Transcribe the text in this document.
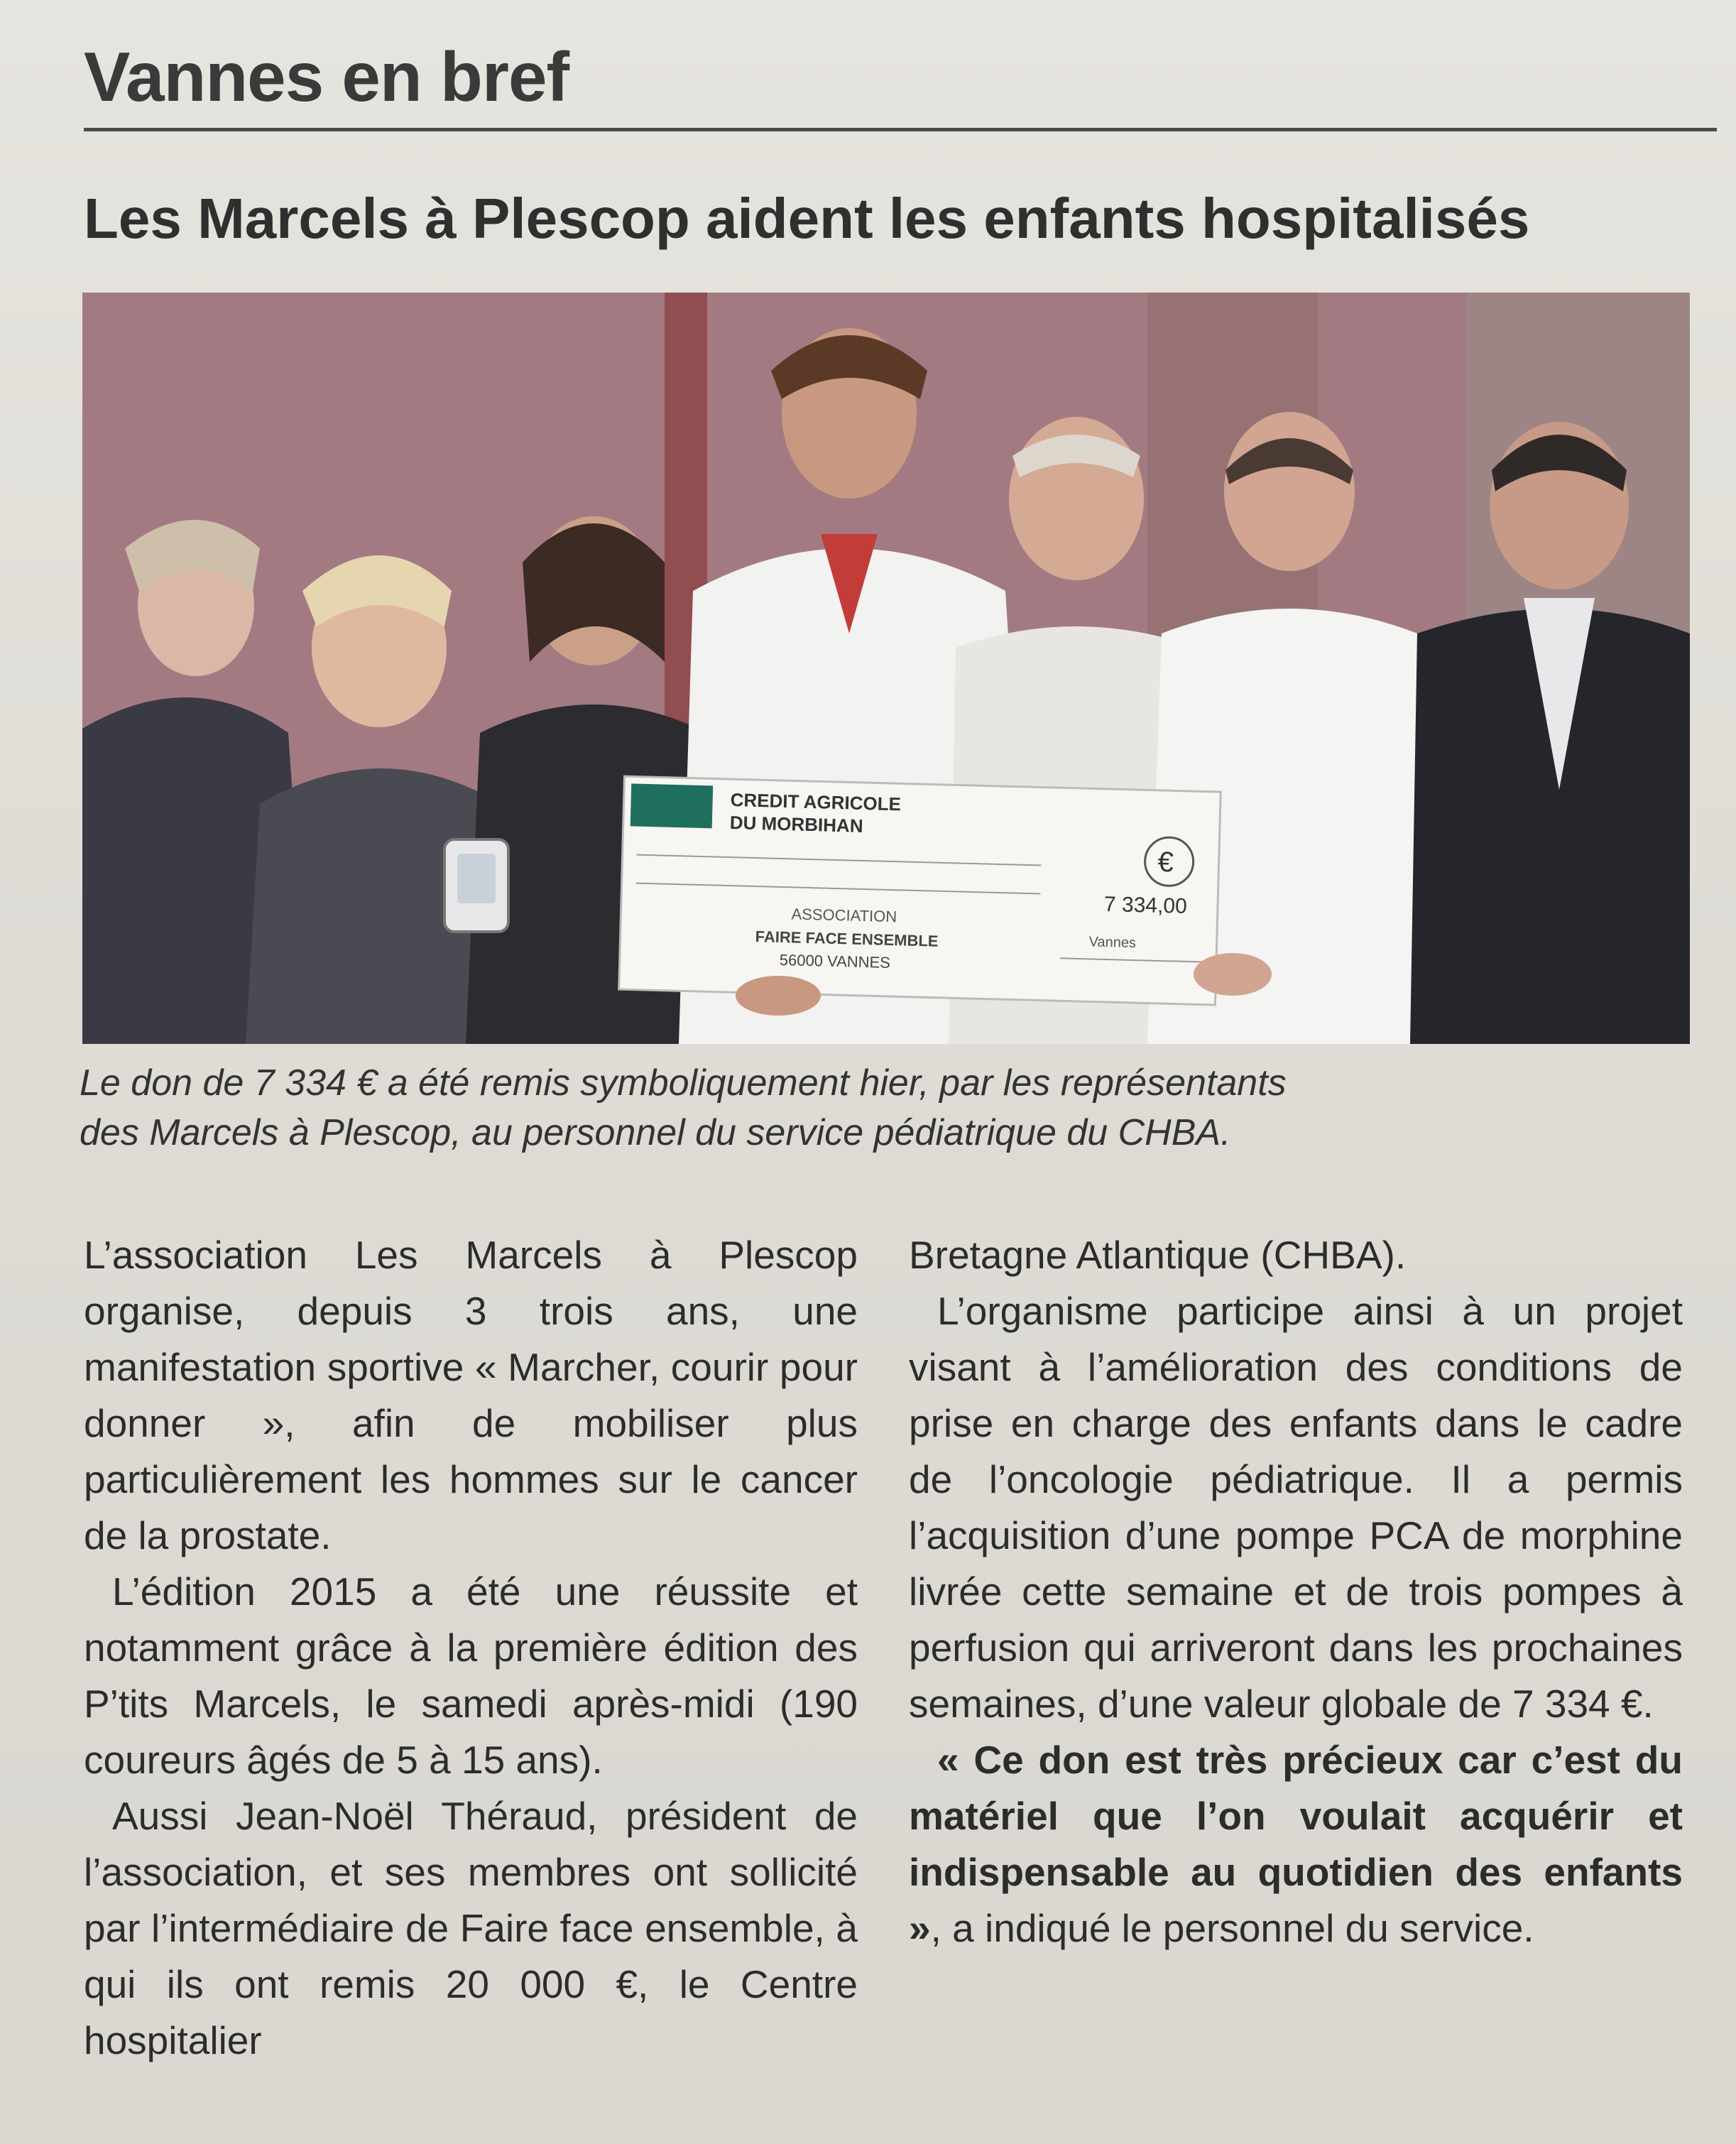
Vannes en bref
Les Marcels à Plescop aident les enfants hospitalisés
CREDIT AGRICOLE
DU MORBIHAN
€
7 334,00
ASSOCIATION
FAIRE FACE ENSEMBLE
56000 VANNES
Vannes
Le don de 7 334 € a été remis symboliquement hier, par les représentants
des Marcels à Plescop, au personnel du service pédiatrique du CHBA.

L’association Les Marcels à Plescop organise, depuis 3 trois ans, une manifestation sportive « Marcher, courir pour donner », afin de mobiliser plus particulièrement les hommes sur le cancer de la prostate.

L’édition 2015 a été une réussite et notamment grâce à la première édition des P’tits Marcels, le samedi après-midi (190 coureurs âgés de 5 à 15 ans).

Aussi Jean-Noël Théraud, président de l’association, et ses membres ont sollicité par l’intermédiaire de Faire face ensemble, à qui ils ont remis 20 000 €, le Centre hospitalier

Bretagne Atlantique (CHBA).

L’organisme participe ainsi à un projet visant à l’amélioration des conditions de prise en charge des enfants dans le cadre de l’oncologie pédiatrique. Il a permis l’acquisition d’une pompe PCA de morphine livrée cette semaine et de trois pompes à perfusion qui arriveront dans les prochaines semaines, d’une valeur globale de 7 334 €.

« Ce don est très précieux car c’est du matériel que l’on voulait acquérir et indispensable au quotidien des enfants », a indiqué le personnel du service.
